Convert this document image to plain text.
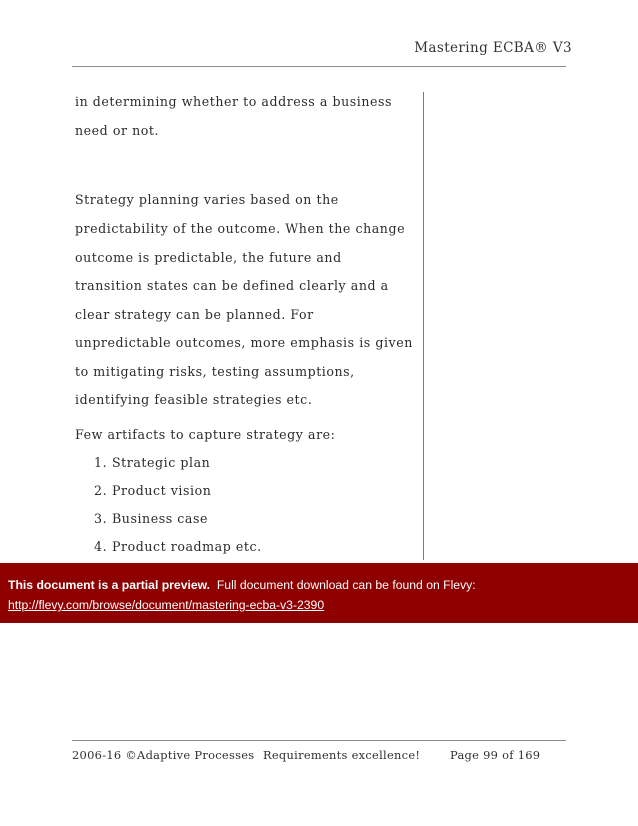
Mastering ECBA® V3
in determining whether to address a business
need or not.
Strategy planning varies based on the
predictability of the outcome. When the change
outcome is predictable, the future and
transition states can be defined clearly and a
clear strategy can be planned. For
unpredictable outcomes, more emphasis is given
to mitigating risks, testing assumptions,
identifying feasible strategies etc.
Few artifacts to capture strategy are:
1. Strategic plan
2. Product vision
3. Business case
4. Product roadmap etc.
This document is a partial preview. Full document download can be found on Flevy:
http://flevy.com/browse/document/mastering-ecba-v3-2390
2006-16 ©Adaptive Processes Requirements excellence!	Page 99 of 169
